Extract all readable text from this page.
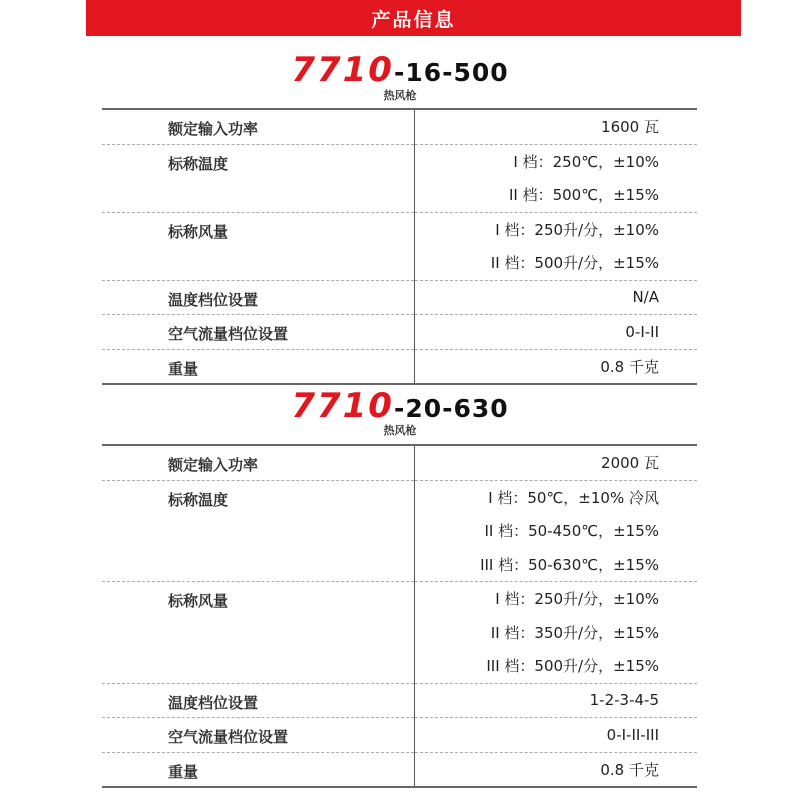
产品信息
7710-16-500
热风枪
额定输入功率	1600 瓦
标称温度	I 档：250℃，±10%
	II 档：500℃，±15%
标称风量	I 档：250升/分，±10%
	II 档：500升/分，±15%
温度档位设置	N/A
空气流量档位设置	0-I-II
重量	0.8 千克
7710-20-630
热风枪
额定输入功率	2000 瓦
标称温度	I 档：50℃，±10% 冷风
	II 档：50-450℃，±15%
	III 档：50-630℃，±15%
标称风量	I 档：250升/分，±10%
	II 档：350升/分，±15%
	III 档：500升/分，±15%
温度档位设置	1-2-3-4-5
空气流量档位设置	0-I-II-III
重量	0.8 千克
